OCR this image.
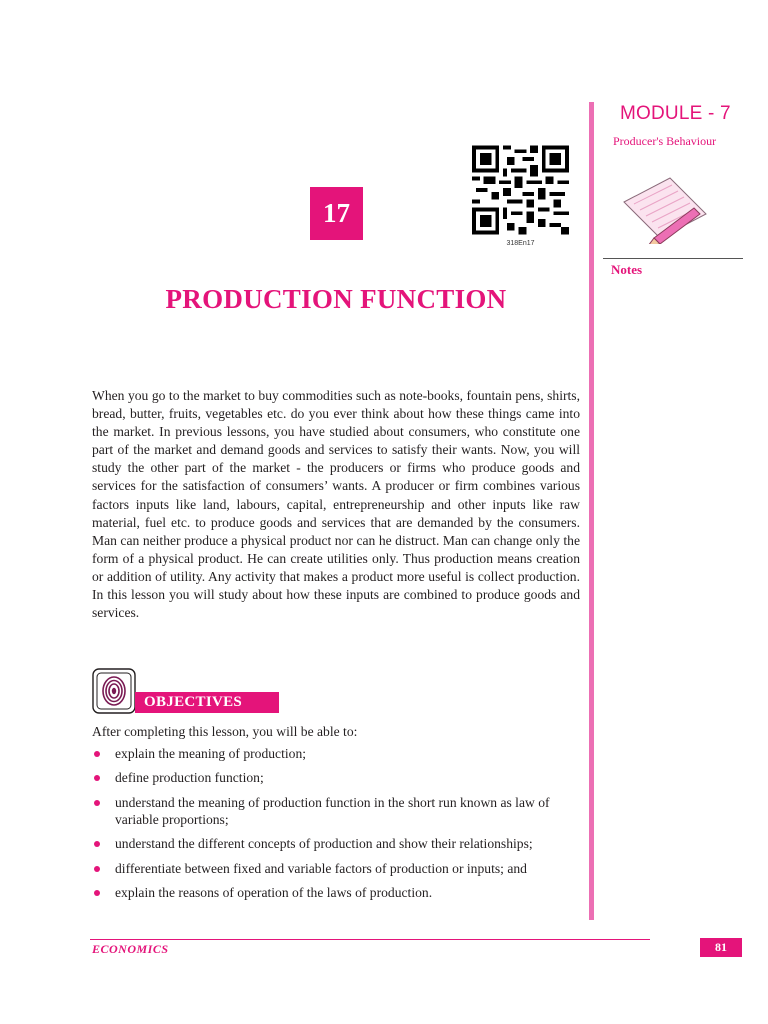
MODULE - 7
Producer's Behaviour
Notes
318En17
17
PRODUCTION FUNCTION

When you go to the market to buy commodities such as note-books, fountain pens, shirts, bread, butter, fruits, vegetables etc. do you ever think about how these things came into the market. In previous lessons, you have studied about consumers, who constitute one part of the market and demand goods and services to satisfy their wants. Now, you will study the other part of the market - the producers or firms who produce goods and services for the satisfaction of consumers’ wants. A producer or firm combines various factors inputs like land, labours, capital, entrepreneurship and other inputs like raw material, fuel etc. to produce goods and services that are demanded by the consumers. Man can neither produce a physical product nor can he distruct. Man can change only the form of a physical product. He can create utilities only. Thus production means creation or addition of utility. Any activity that makes a product more useful is collect production. In this lesson you will study about how these inputs are combined to produce goods and services.

OBJECTIVES
After completing this lesson, you will be able to:
explain the meaning of production;
define production function;
understand the meaning of production function in the short run known as law of variable proportions;
understand the different concepts of production and show their relationships;
differentiate between fixed and variable factors of production or inputs; and
explain the reasons of operation of the laws of production.
ECONOMICS	81
